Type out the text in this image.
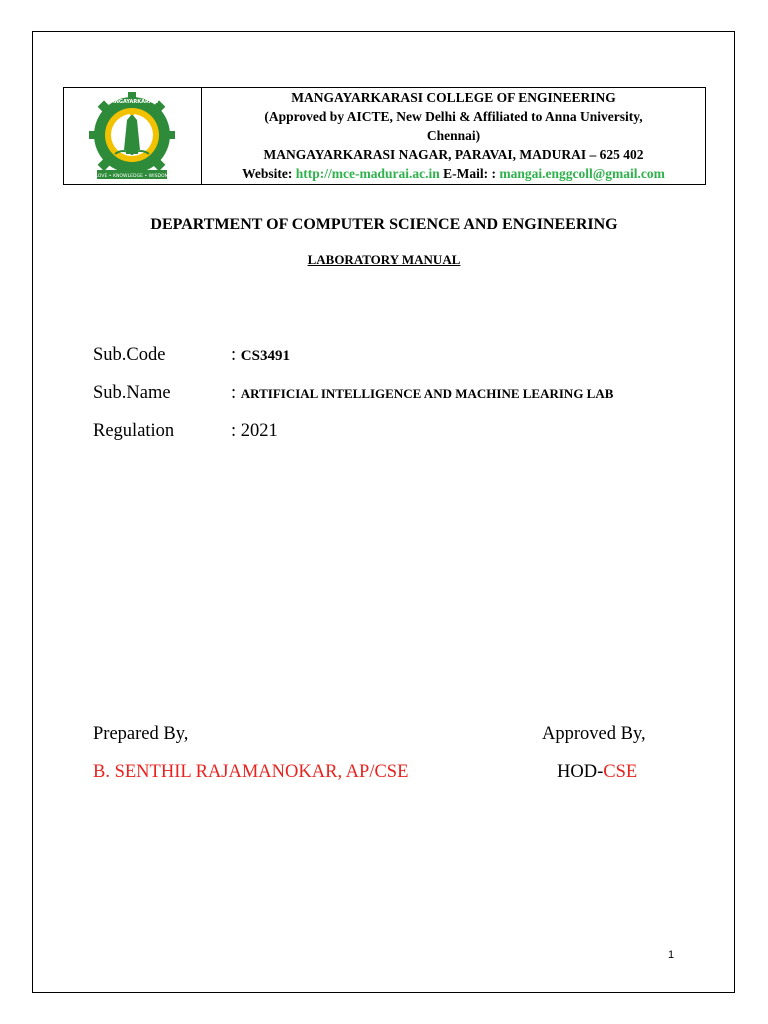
LOVE • KNOWLEDGE • WISDOM
MANGAYARKARASI	MANGAYARKARASI COLLEGE OF ENGINEERING
(Approved by AICTE, New Delhi & Affiliated to Anna University,
Chennai)
MANGAYARKARASI NAGAR, PARAVAI, MADURAI – 625 402
Website: http://mce-madurai.ac.in E-Mail: : mangai.enggcoll@gmail.com
DEPARTMENT OF COMPUTER SCIENCE AND ENGINEERING
LABORATORY MANUAL
Sub.Code	: CS3491
Sub.Name	: ARTIFICIAL INTELLIGENCE AND MACHINE LEARING LAB
Regulation	: 2021
Prepared By,	Approved By,
B. SENTHIL RAJAMANOKAR, AP/CSE	HOD-CSE
1
